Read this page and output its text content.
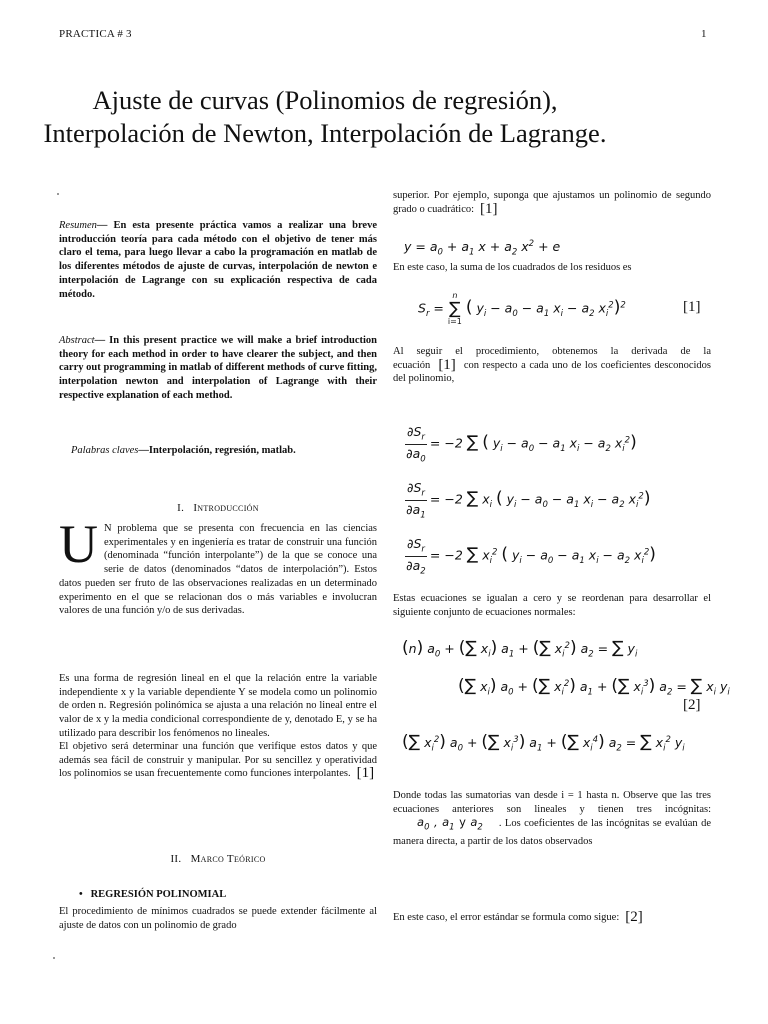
PRACTICA # 3	1
Ajuste de curvas (Polinomios de regresión), Interpolación de Newton, Interpolación de Lagrange.
Resumen— En esta presente práctica vamos a realizar una breve introducción teoría para cada método con el objetivo de tener más claro el tema, para luego llevar a cabo la programación en matlab de los diferentes métodos de ajuste de curvas, interpolación de newton e interpolación de Lagrange con su explicación respectiva de cada método.
Abstract— In this present practice we will make a brief introduction theory for each method in order to have clearer the subject, and then carry out programming in matlab of different methods of curve fitting, interpolation newton and interpolation of Lagrange with their respective explanation of each method.
Palabras claves—Interpolación, regresión, matlab.
I. Introducción
U N problema que se presenta con frecuencia en las ciencias experimentales y en ingeniería es tratar de construir una función (denominada “función interpolante”) de la que se conoce una serie de datos (denominados “datos de interpolación”). Estos datos pueden ser fruto de las observaciones realizadas en un determinado experimento en el que se relacionan dos o más variables e involucran valores de una función y/o de sus derivadas.
Es una forma de regresión lineal en el que la relación entre la variable independiente x y la variable dependiente Y se modela como un polinomio de orden n. Regresión polinómica se ajusta a una relación no lineal entre el valor de x y la media condicional correspondiente de y, denotado E, y se ha utilizado para describir los fenómenos no lineales.
El objetivo será determinar una función que verifique estos datos y que además sea fácil de construir y manipular. Por su sencillez y operatividad los polinomios se usan frecuentemente como funciones interpolantes. [1]
II. Marco Teórico
• REGRESIÓN POLINOMIAL
El procedimiento de mínimos cuadrados se puede extender fácilmente al ajuste de datos con un polinomio de grado
superior. Por ejemplo, suponga que ajustamos un polinomio de segundo grado o cuadrático: [1]
$y = a_0 + a_1$ $x + a_2$ $x^2 + e$
En este caso, la suma de los cuadrados de los residuos es
$S_r$ =
n
∑
i=1
( $y_i - a_0 - a_1$ $x_i - a_2$ $x_i^2)^2$	[1]
Al seguir el procedimiento, obtenemos la derivada de la ecuación [1] con respecto a cada uno de los coeficientes desconocidos del polinomio,
$\frac{\partial S_r}{\partial a_0} = -2$ ∑ ( $y_i - a_0 - a_1$ $x_i - a_2$ $x_i^2$)
$\frac{\partial S_r}{\partial a_1} = -2$ ∑ $x_i$ ( $y_i - a_0 - a_1$ $x_i - a_2$ $x_i^2$)
$\frac{\partial S_r}{\partial a_2} = -2$ ∑ $x_i^2$ ( $y_i - a_0 - a_1$ $x_i - a_2$ $x_i^2$)
Estas ecuaciones se igualan a cero y se reordenan para desarrollar el siguiente conjunto de ecuaciones normales:
(n) $a_0$ + (∑ $x_i$) $a_1$ + (∑ $x_i^2$) $a_2$ = ∑ $y_i$
(∑ $x_i$) $a_0$ + (∑ $x_i^2$) $a_1$ + (∑ $x_i^3$) $a_2$ = ∑ $x_i$ $y_i$
[2]
(∑ $x_i^2$) $a_0$ + (∑ $x_i^3$) $a_1$ + (∑ $x_i^4$) $a_2$ = ∑ $x_i^2$ $y_i$
Donde todas las sumatorias van desde i = 1 hasta n. Observe que las tres ecuaciones anteriores son lineales y tienen tres incógnitas: $a_0$ , $a_1$ y $a_2$ . Los coeficientes de las incógnitas se evalúan de manera directa, a partir de los datos observados
En este caso, el error estándar se formula como sigue: [2]
